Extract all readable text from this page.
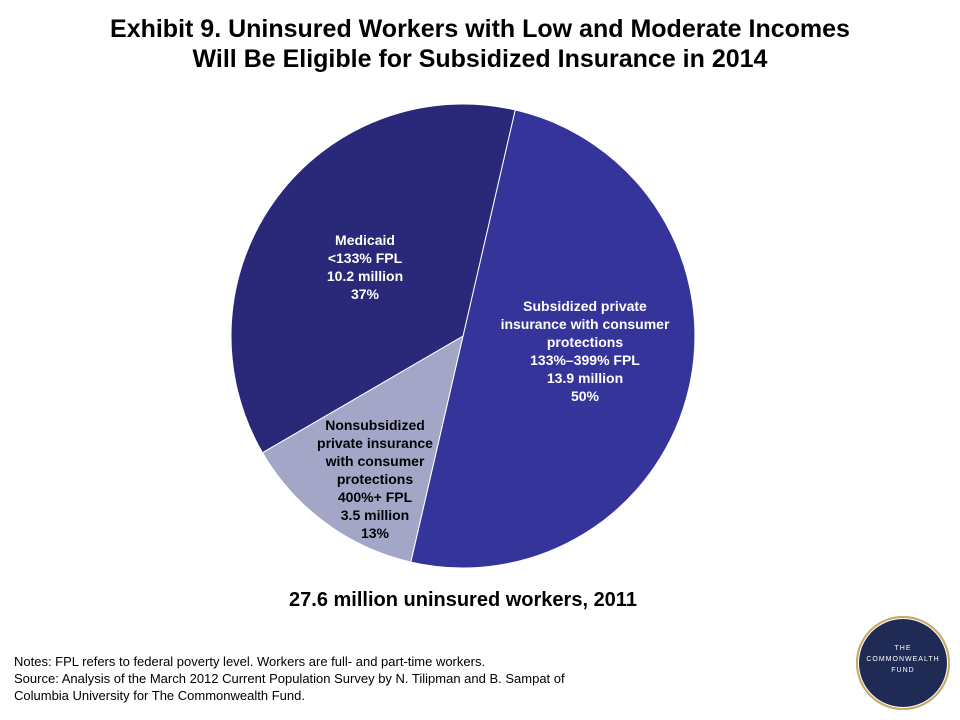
Exhibit 9. Uninsured Workers with Low and Moderate Incomes
Will Be Eligible for Subsidized Insurance in 2014
Subsidized private
insurance with consumer
protections
133%–399% FPL
13.9 million
50%
Nonsubsidized
private insurance
with consumer
protections
400%+ FPL
3.5 million
13%
Medicaid
<133% FPL
10.2 million
37%
27.6 million uninsured workers, 2011
Notes: FPL refers to federal poverty level. Workers are full- and part-time workers.
Source: Analysis of the March 2012 Current Population Survey by N. Tilipman and B. Sampat of
Columbia University for The Commonwealth Fund.
THE
COMMONWEALTH
FUND
